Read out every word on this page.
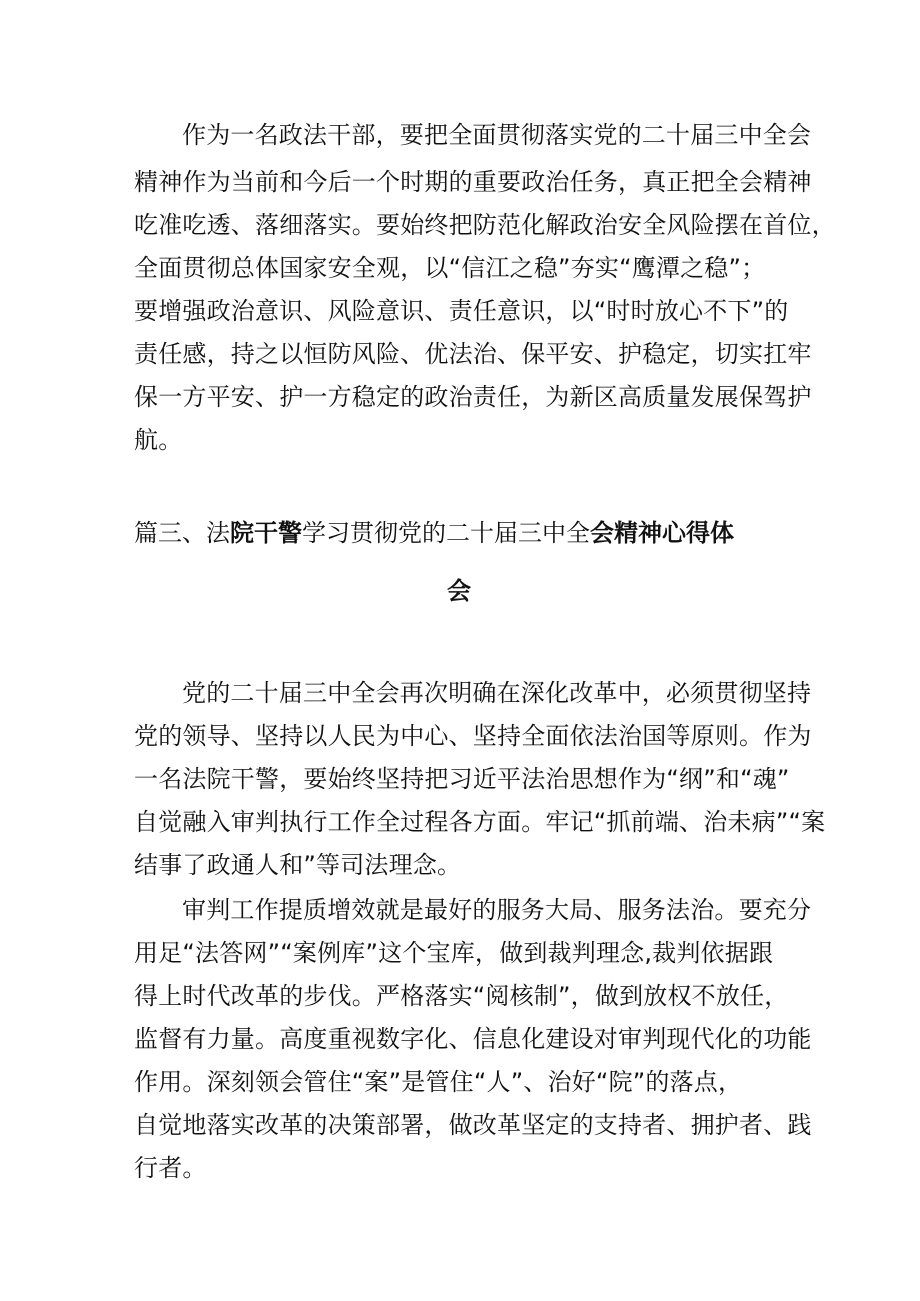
作为一名政法干部，要把全面贯彻落实党的二十届三中全会
精神作为当前和今后一个时期的重要政治任务，真正把全会精神
吃准吃透、落细落实。要始终把防范化解政治安全风险摆在首位，
全面贯彻总体国家安全观，以“信江之稳”夯实“鹰潭之稳”；
要增强政治意识、风险意识、责任意识，以“时时放心不下”的
责任感，持之以恒防风险、优法治、保平安、护稳定，切实扛牢
保一方平安、护一方稳定的政治责任，为新区高质量发展保驾护
航。
篇三、法院干警学习贯彻党的二十届三中全会精神心得体
会
党的二十届三中全会再次明确在深化改革中，必须贯彻坚持
党的领导、坚持以人民为中心、坚持全面依法治国等原则。作为
一名法院干警，要始终坚持把习近平法治思想作为“纲”和“魂”
自觉融入审判执行工作全过程各方面。牢记“抓前端、治未病”“案
结事了政通人和”等司法理念。
审判工作提质增效就是最好的服务大局、服务法治。要充分
用足“法答网”“案例库”这个宝库，做到裁判理念,裁判依据跟
得上时代改革的步伐。严格落实“阅核制”，做到放权不放任，
监督有力量。高度重视数字化、信息化建设对审判现代化的功能
作用。深刻领会管住“案”是管住“人”、治好“院”的落点，
自觉地落实改革的决策部署，做改革坚定的支持者、拥护者、践
行者。
